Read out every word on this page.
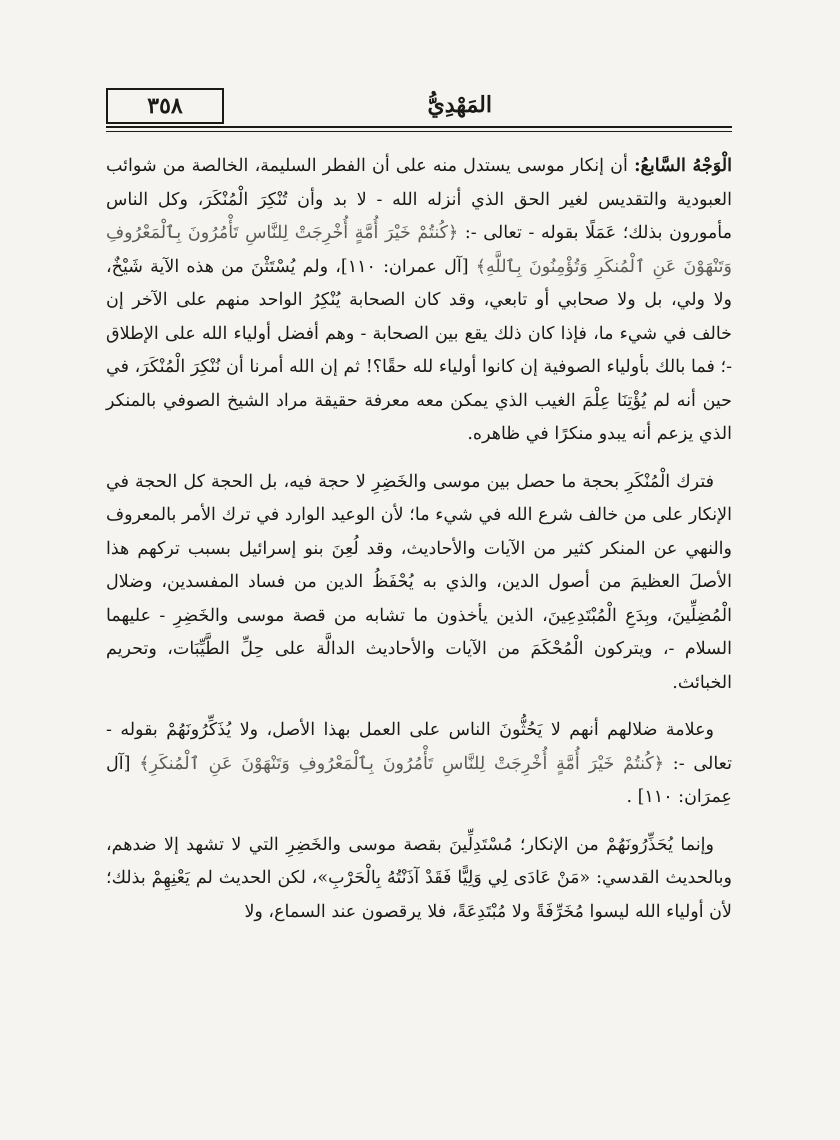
٣٥٨	المَهْدِيُّ

الْوَجْهُ السَّابعُ: أن إنكار موسى يستدل منه على أن الفطر السليمة، الخالصة من شوائب العبودية والتقديس لغير الحق الذي أنزله الله - لا بد وأن تُنْكِرَ الْمُنْكَرَ، وكل الناس مأمورون بذلك؛ عَمَلًا بقوله - تعالى -: ﴿كُنتُمْ خَيْرَ أُمَّةٍ أُخْرِجَتْ لِلنَّاسِ تَأْمُرُونَ بِٱلْمَعْرُوفِ وَتَنْهَوْنَ عَنِ ٱلْمُنكَرِ وَتُؤْمِنُونَ بِٱللَّهِ﴾ [آل عمران: ١١٠]، ولم يُسْتَثْنَ من هذه الآية شَيْخٌ، ولا ولي، بل ولا صحابي أو تابعي، وقد كان الصحابة يُنْكِرُ الواحد منهم على الآخر إن خالف في شيء ما، فإذا كان ذلك يقع بين الصحابة - وهم أفضل أولياء الله على الإطلاق -؛ فما بالك بأولياء الصوفية إن كانوا أولياء لله حقًا؟! ثم إن الله أمرنا أن نُنْكِرَ الْمُنْكَرَ، في حين أنه لم يُؤْتِنَا عِلْمَ الغيب الذي يمكن معه معرفة حقيقة مراد الشيخ الصوفي بالمنكر الذي يزعم أنه يبدو منكرًا في ظاهره.

فترك الْمُنْكَرِ بحجة ما حصل بين موسى والخَضِرِ لا حجة فيه، بل الحجة كل الحجة في الإنكار على من خالف شرع الله في شيء ما؛ لأن الوعيد الوارد في ترك الأمر بالمعروف والنهي عن المنكر كثير من الآيات والأحاديث، وقد لُعِنَ بنو إسرائيل بسبب تركهم هذا الأصلَ العظيمَ من أصول الدين، والذي به يُحْفَظُ الدين من فساد المفسدين، وضلال الْمُضِلِّينَ، وبِدَعِ الْمُبْتَدِعِينَ، الذين يأخذون ما تشابه من قصة موسى والخَضِرِ - عليهما السلام -، ويتركون الْمُحْكَمَ من الآيات والأحاديث الدالَّة على حِلِّ الطَّيِّبَات، وتحريم الخبائث.

وعلامة ضلالهم أنهم لا يَحُثُّونَ الناس على العمل بهذا الأصل، ولا يُذَكِّرُونَهُمْ بقوله - تعالى -: ﴿كُنتُمْ خَيْرَ أُمَّةٍ أُخْرِجَتْ لِلنَّاسِ تَأْمُرُونَ بِٱلْمَعْرُوفِ وَتَنْهَوْنَ عَنِ ٱلْمُنكَرِ﴾ [آل عِمرَان: ١١٠] .

وإنما يُحَذِّرُونَهُمْ من الإنكار؛ مُسْتَدِلِّينَ بقصة موسى والخَضِرِ التي لا تشهد إلا ضدهم، وبالحديث القدسي: «مَنْ عَادَى لِي وَلِيًّا فَقَدْ آذَنْتُهُ بِالْحَرْبِ»، لكن الحديث لم يَعْنِهِمْ بذلك؛ لأن أولياء الله ليسوا مُخَرِّفَةً ولا مُبْتَدِعَةً، فلا يرقصون عند السماع، ولا
